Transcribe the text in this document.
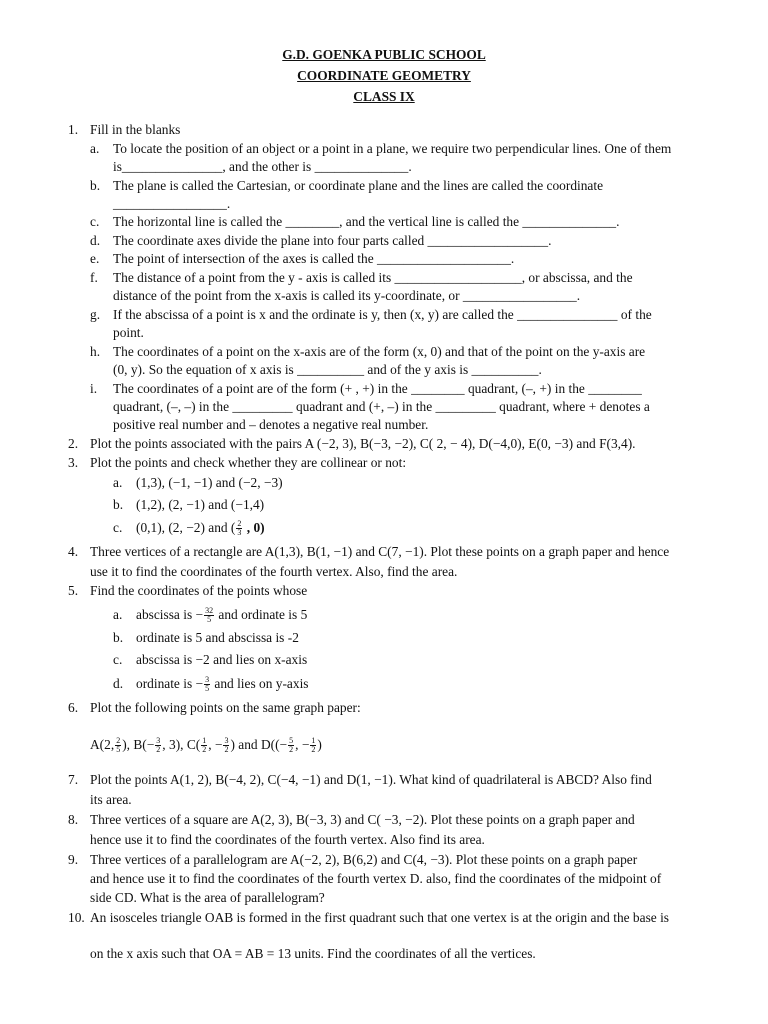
G.D. GOENKA PUBLIC SCHOOL
COORDINATE GEOMETRY
CLASS IX
1. Fill in the blanks
a. To locate the position of an object or a point in a plane, we require two perpendicular lines. One of them
is_______________, and the other is ______________.
b. The plane is called the Cartesian, or coordinate plane and the lines are called the coordinate
_________________.
c. The horizontal line is called the ________, and the vertical line is called the ______________.
d. The coordinate axes divide the plane into four parts called __________________.
e. The point of intersection of the axes is called the ____________________.
f. The distance of a point from the y - axis is called its ___________________, or abscissa, and the
distance of the point from the x-axis is called its y-coordinate, or _________________.
g. If the abscissa of a point is x and the ordinate is y, then (x, y) are called the _______________ of the
point.
h. The coordinates of a point on the x-axis are of the form (x, 0) and that of the point on the y-axis are
(0, y). So the equation of x axis is __________ and of the y axis is __________.
i. The coordinates of a point are of the form (+ , +) in the ________ quadrant, (–, +) in the ________
quadrant, (–, –) in the _________ quadrant and (+, –) in the _________ quadrant, where + denotes a
positive real number and – denotes a negative real number.
2. Plot the points associated with the pairs A (−2, 3), B(−3, −2), C( 2, − 4), D(−4,0), E(0, −3) and F(3,4).
3. Plot the points and check whether they are collinear or not:
a. (1,3), (−1, −1) and (−2, −3)
b. (1,2), (2, −1) and (−1,4)
c. (0,1), (2, −2) and ( $\frac{2}{3}$ , 0)
4. Three vertices of a rectangle are A(1,3), B(1, −1) and C(7, −1). Plot these points on a graph paper and hence
use it to find the coordinates of the fourth vertex. Also, find the area.
5. Find the coordinates of the points whose
a. abscissa is − $\frac{32}{5}$ and ordinate is 5
b. ordinate is 5 and abscissa is -2
c. abscissa is −2 and lies on x-axis
d. ordinate is − $\frac{3}{5}$ and lies on y-axis
6. Plot the following points on the same graph paper:
A(2, $\frac{2}{5}$ ), $B(- \frac{3}{2}$ , 3), $C( \frac{1}{2}$ , − $\frac{3}{2}$ ) and $D((- \frac{5}{2}$ , − $\frac{1}{2}$ )
7. Plot the points A(1, 2), B(−4, 2), C(−4, −1) and D(1, −1). What kind of quadrilateral is ABCD? Also find
its area.
8. Three vertices of a square are A(2, 3), B(−3, 3) and C( −3, −2). Plot these points on a graph paper and
hence use it to find the coordinates of the fourth vertex. Also find its area.
9. Three vertices of a parallelogram are A(−2, 2), B(6,2) and C(4, −3). Plot these points on a graph paper
and hence use it to find the coordinates of the fourth vertex D. also, find the coordinates of the midpoint of
side CD. What is the area of parallelogram?
10. An isosceles triangle OAB is formed in the first quadrant such that one vertex is at the origin and the base is
on the x axis such that OA = AB = 13 units. Find the coordinates of all the vertices.
